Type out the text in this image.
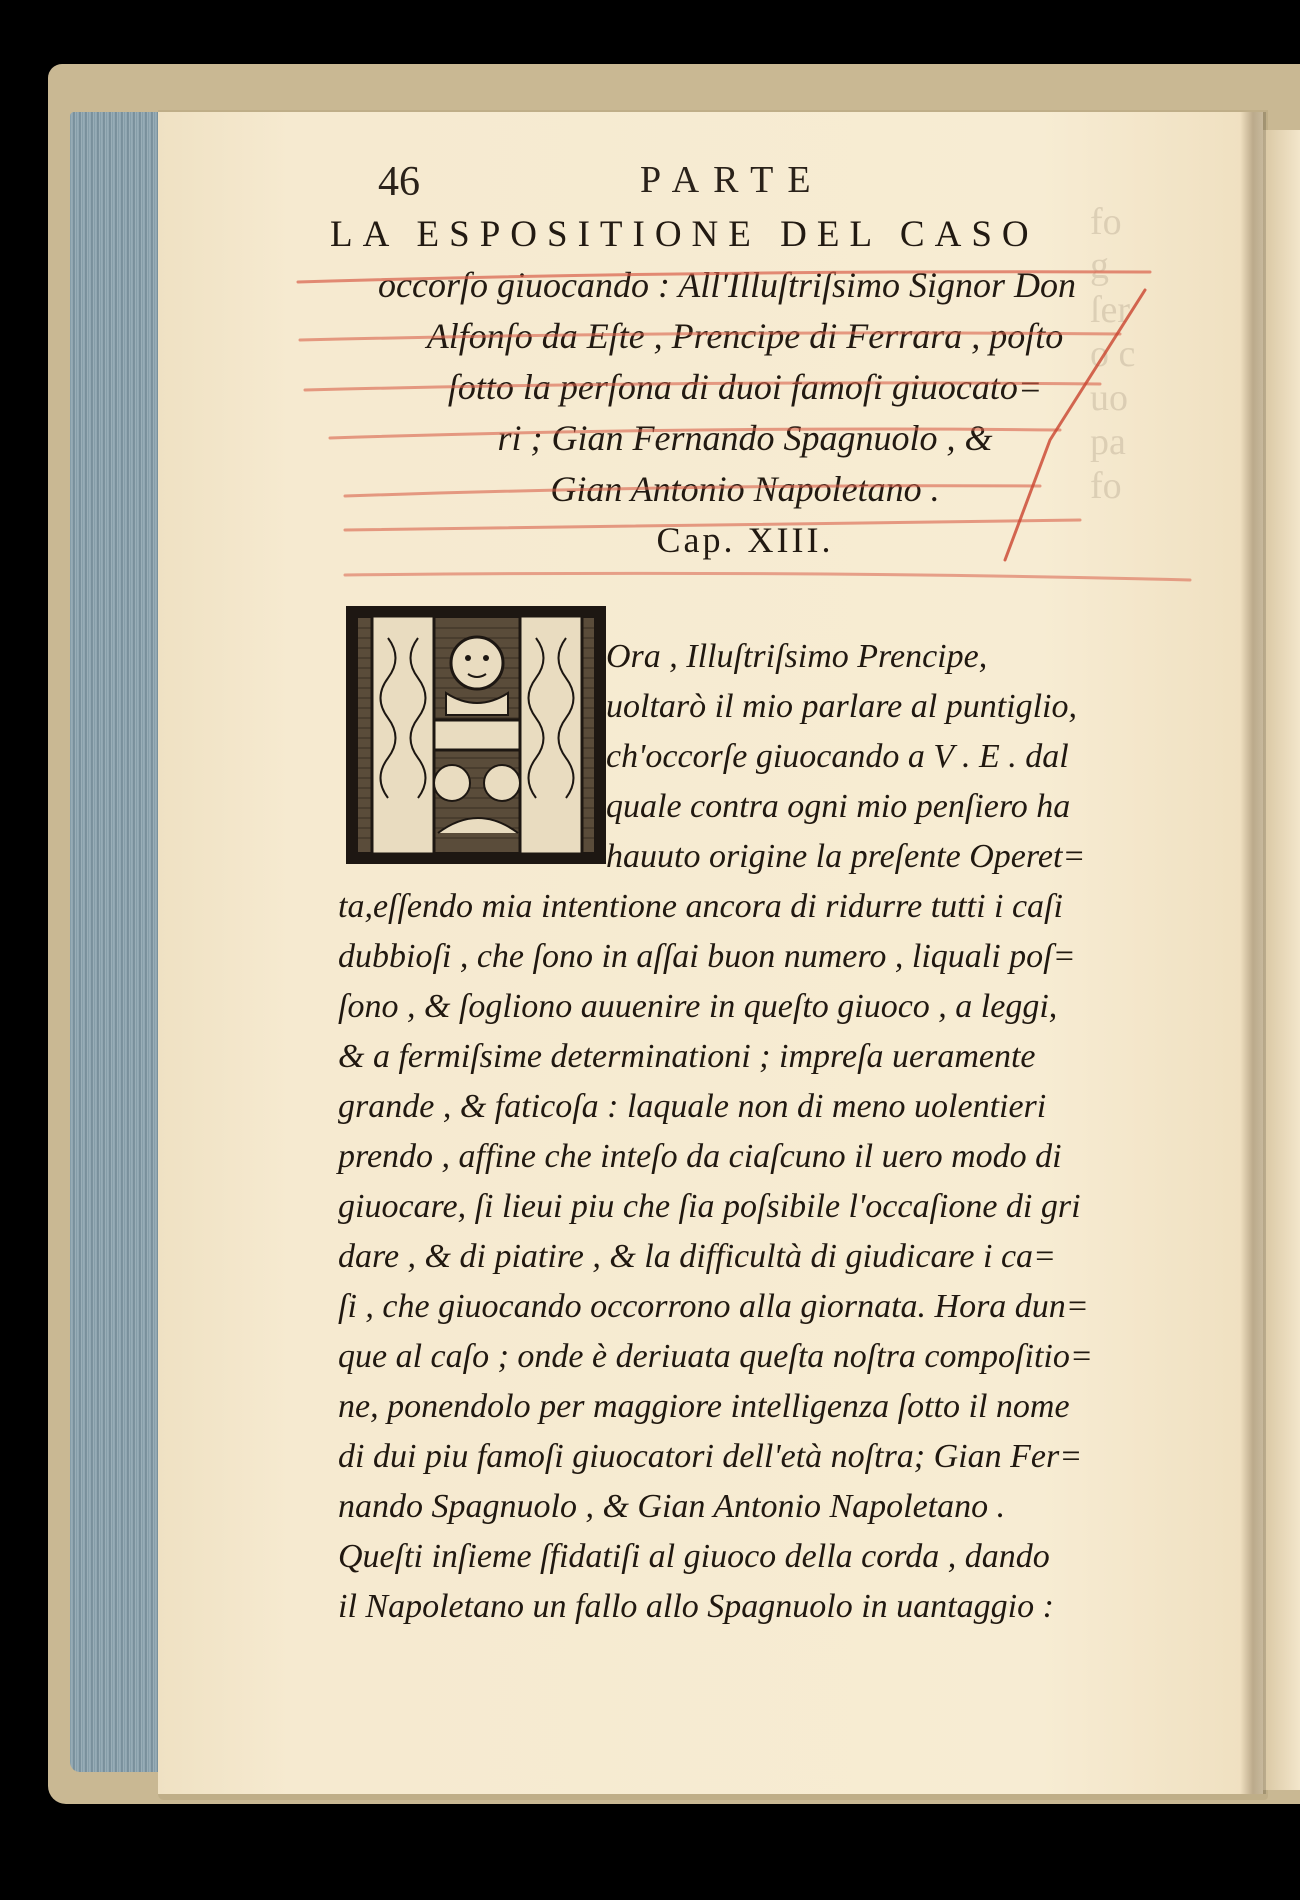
fo
g
ſer
o c
uo
pa
fo
46	PARTE
LA ESPOSITIONE DEL CASO
occorſo giuocando : All'Illuſtriſsimo Signor Don
Alfonſo da Eſte , Prencipe di Ferrara , poſto
ſotto la perſona di duoi famoſi giuocato=
ri ; Gian Fernando Spagnuolo , &
Gian Antonio Napoletano .
Cap. XIII.
Ora , Illuſtriſsimo Prencipe,
uoltarò il mio parlare al puntiglio,
ch'occorſe giuocando a V . E . dal
quale contra ogni mio penſiero ha
hauuto origine la preſente Operet=
ta,eſſendo mia intentione ancora di ridurre tutti i caſi
dubbioſi , che ſono in aſſai buon numero , liquali poſ=
ſono , & ſogliono auuenire in queſto giuoco , a leggi,
& a fermiſsime determinationi ; impreſa ueramente
grande , & faticoſa : laquale non di meno uolentieri
prendo , affine che inteſo da ciaſcuno il uero modo di
giuocare, ſi lieui piu che ſia poſsibile l'occaſione di gri
dare , & di piatire , & la difficultà di giudicare i ca=
ſi , che giuocando occorrono alla giornata. Hora dun=
que al caſo ; onde è deriuata queſta noſtra compoſitio=
ne, ponendolo per maggiore intelligenza ſotto il nome
di dui piu famoſi giuocatori dell'età noſtra; Gian Fer=
nando Spagnuolo , & Gian Antonio Napoletano .
Queſti inſieme ſfidatiſi al giuoco della corda , dando
il Napoletano un fallo allo Spagnuolo in uantaggio :
